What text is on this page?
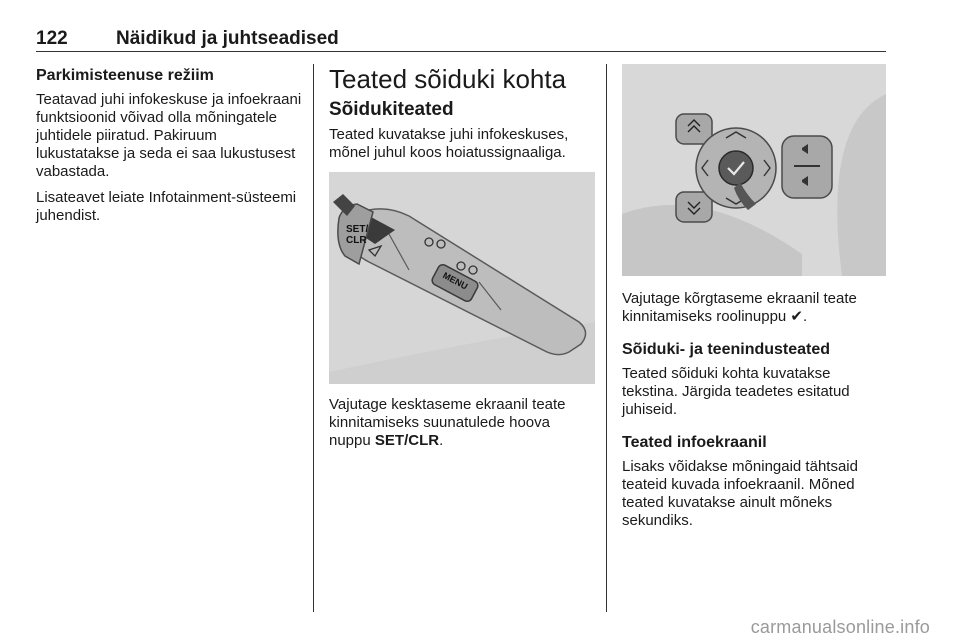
122	Näidikud ja juhtseadised
Parkimisteenuse režiim

Teatavad juhi infokeskuse ja infoekraani funktsioonid võivad olla mõningatele juhtidele piiratud. Pakiruum lukustatakse ja seda ei saa lukustusest vabastada.

Lisateavet leiate Infotainment-süsteemi juhendist.

Teated sõiduki kohta
Sõidukiteated

Teated kuvatakse juhi infokeskuses, mõnel juhul koos hoiatussignaaliga.

SET/
CLR
MENU

Vajutage kesktaseme ekraanil teate kinnitamiseks suunatulede hoova nuppu SET/CLR.

Vajutage kõrgtaseme ekraanil teate kinnitamiseks roolinuppu ✔.

Sõiduki- ja teenindusteated

Teated sõiduki kohta kuvatakse tekstina. Järgida teadetes esitatud juhiseid.

Teated infoekraanil

Lisaks võidakse mõningaid tähtsaid teateid kuvada infoekraanil. Mõned teated kuvatakse ainult mõneks sekundiks.

carmanualsonline.info
